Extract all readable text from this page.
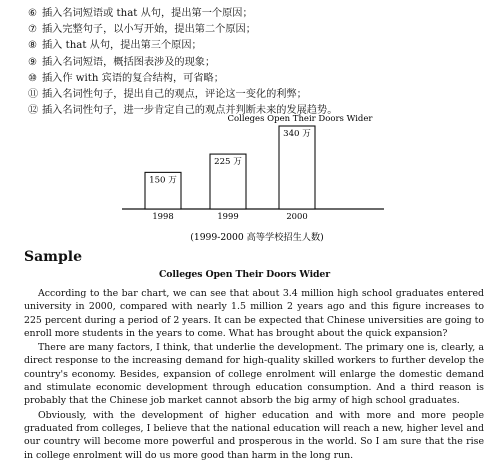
⑥ 插入名词短语或 that 从句，提出第一个原因；
⑦ 插入完整句子，以小写开始，提出第二个原因；
⑧ 插入 that 从句，提出第三个原因；
⑨ 插入名词短语，概括图表涉及的现象；
⑩ 插入作 with 宾语的复合结构，可省略；
⑪ 插入名词性句子，提出自己的观点，评论这一变化的利弊；
⑫ 插入名词性句子，进一步肯定自己的观点并判断未来的发展趋势。
Colleges Open Their Doors Wider
150 万
1998
225 万
1999
340 万
2000
(1999-2000 高等学校招生人数)
Sample
Colleges Open Their Doors Wider

According to the bar chart, we can see that about 3.4 million high school graduates entered university in 2000, compared with nearly 1.5 million 2 years ago and this figure increases to 225 percent during a period of 2 years. It can be expected that Chinese universities are going to enroll more students in the years to come. What has brought about the quick expansion?

There are many factors, I think, that underlie the development. The primary one is, clearly, a direct response to the increasing demand for high-quality skilled workers to further develop the country's economy. Besides, expansion of college enrolment will enlarge the domestic demand and stimulate economic development through education consumption. And a third reason is probably that the Chinese job market cannot absorb the big army of high school graduates.

Obviously, with the development of higher education and with more and more people graduated from colleges, I believe that the national education will reach a new, higher level and our country will become more powerful and prosperous in the world. So I am sure that the rise in college enrolment will do us more good than harm in the long run.
